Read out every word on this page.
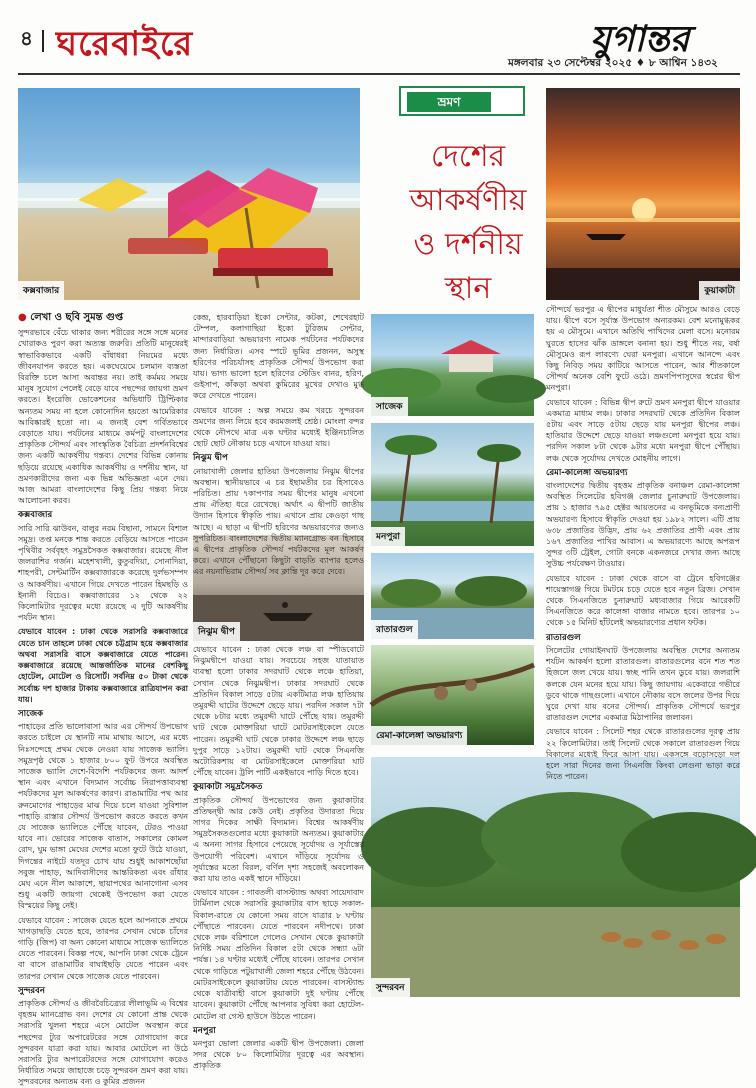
৪ ঘরেবাইরে	যুগান্তর
মঙ্গলবার ২৩ সেপ্টেম্বর ২০২৫ ♦ ৮ আশ্বিন ১৪৩২
কক্সবাজার
ভ্রমণ
দেশের
আকর্ষণীয়
ও দর্শনীয়
স্থান	কুয়াকাটা
সাজেক
মনপুরা
নিঝুম দ্বীপ	রাতারগুল
রেমা-কালেঙ্গা অভয়ারণ্য
সুন্দরবন
● লেখা ও ছবি সুমন্ত গুপ্ত

সুন্দরভাবে বেঁচে থাকার জন্য শরীরের সঙ্গে সঙ্গে মনের খোরাকও পুরণ করা অত্যন্ত জরুরি। প্রতিটি মানুষেরই স্বাভাবিকভাবে একটি বাঁধাধরা নিয়মের মধ্যে জীবনযাপন করতে হয়। একঘেয়েমে চলমান ব্যস্ততা বিরক্তি চলে আসা অবান্তর নয়। তাই কর্মময় সময়ে মানুষ সুযোগ পেলেই বেড়ে যাবে পছন্দের জায়গা ভ্রমণ করতে। ইংরেজি ভোকেশনের অভিধাটি ট্রিপ্টিকার অন্যতম সময় না হলে কোনোদিন হয়তো আমেরিকার আবিষ্কারই হতো না। এ জন্যই বেশ গর্বিতভাবে বেড়াতে যায়। পর্যটনের মাধ্যমে কর্মপটু বাংলাদেশের প্রাকৃতিক সৌন্দর্য এবং সাংস্কৃতিক বৈচিত্র্য প্রদর্শনবিশ্বের জন্য একটি আকর্ষণীয় গন্তব্য। দেশের বিভিন্ন কোনায় ছড়িয়ে রয়েছে একাধিক আকর্ষণীয় ও দর্শনীয় স্থান, যা ভ্রমণকারীদের জন্য এক ভিন্ন অভিজ্ঞতা এনে দেয়। আজ আমরা বাংলাদেশের কিছু প্রিয় গন্তব্য নিয়ে আলোচনা করব।

কক্সবাজার

সারি সারি ঝাউবন, বালুর নরম বিছানা, সামনে বিশাল সমুদ্র। তপ্ত মনকে শান্ত করতে বেড়িয়ে আসতে পারেন পৃথিবীর সর্ববৃহৎ সমুদ্রসৈকত কক্সবাজার। রয়েছে নীল জলরাশির গর্জন। মহেশখালী, কুতুবদিয়া, সোনাদিয়া, শাহপরী, সেন্টমার্টিন কক্সবাজারকে করেছে দুর্লভসম্পদ ও আকর্ষণীয়। এখানে গিয়ে দেখতে পারেন হিমছড়ি ও ইনানী বিচেও। কক্সবাজারের ১২ থেকে ২২ কিলোমিটার দূরত্বের মধ্যে রয়েছে এ দুটি আকর্ষণীয় পর্যটন স্থান।

যেভাবে যাবেন : ঢাকা থেকে সরাসরি কক্সবাজারে যেতে চান তাহলে ঢাকা থেকে চট্টগ্রাম হয়ে কক্সবাজার অথবা সরাসরি বাসে কক্সবাজারে যেতে পারেন। কক্সবাজারে রয়েছে আন্তর্জাতিক মানের বেশকিছু হোটেল, মোটেল ও রিসোর্ট। সর্বনিম্ন ৫০ টাকা থেকে সর্বোচ্চ দশ হাজার টাকায় কক্সবাজারে রাত্রিযাপন করা যায়।

সাজেক

পাহাড়ের প্রতি ভালোবাসা আর এর সৌন্দর্য উপভোগ করতে চাইলে যে স্থানটি নাম মাথায় আসে, এর মধ্যে নিঃসন্দেহে প্রথম থেকে নেওয়া যায় সাজেক ভ্যালি। সমুদ্রপৃষ্ঠ থেকে ১ হাজার ৮০০ ফুট উপরে অবস্থিত সাজেক ভ্যালি দেশে-বিদেশি পর্যটকদের জন্য আদর্শ স্থান এবং এখানে বিদ্যমান সর্বোচ্চ নিরাপত্তাব্যবস্থা পর্যটকদের মূল আকর্ষণের কারণ। রাঙামাটির পথ আর রুনমোগের পাহাড়ের মাঝ দিয়ে চলে যাওয়া সুবিশাল পাহাড়ি রাস্তার সৌন্দর্য উপভোগ করতে করতে কখন যে সাজেক ভ্যালিতে পৌঁছে যাবেন, টেরও পাওয়া যাবে না। ভোরের সাজেক বাতাস, সকালের কোমল রোদ, ঘুম ভাঙ্গা মেঘের দেশের মতো ফুটে উঠে যাওয়া, দিগন্তের নাইটে যতদূর চোখ যায় শুধুই আকাশছোঁয়া সবুজ পাহাড়, আদিবাসীদের আন্তরিকতা এবং রাঁধার মেঘ এনে নীল আকাশে, ছায়াপথের আনাগোনা এসব শুধু একটি জায়গা থেকেই উপভোগ করা যেতে বিস্ময়ের কিছু নেই।

যেভাবে যাবেন : সাজেক যেতে হলে আপনাকে প্রথমে খাগড়াছড়ি যেতে হবে, তারপর সেখান থেকে চাঁদের গাড়ি (জিপ) বা অন্য কোনো মাধ্যমে সাজেক ভ্যালিতে যেতে পারবেন। বিকল্প পথে, আপনি ঢাকা থেকে ট্রেনে বা বাসে রাঙামাটির বাঘাইছড়ি যেতে পারেন এবং তারপর সেখান থেকে সাজেক যেতে পারবেন।

সুন্দরবন

প্রাকৃতিক সৌন্দর্য ও জীববৈচিত্র্যের লীলাভূমি এ বিশ্বের বৃহত্তম ম্যানগ্রোভ বন। দেশের যে কোনো প্রান্ত থেকে সরাসরি খুলনা শহরে এসে মোটেল অবস্থান করে পছন্দের ট্যুর অপারেটরের সঙ্গে যোগাযোগ করে সুন্দরবন যাত্রা করা যায়। আবার মোটেলে না উঠে সরাসরি ট্যুর অপারেটরদের সঙ্গে যোগাযোগ করেও নির্ধারিত সময়ে জাহাজে চড়ে সুন্দরবন ভ্রমণ করা যায়। সুন্দরবনের অন্যতম বন্য ও কুমির প্রজনন

কেন্দ্র, হারবাড়িয়া ইকো সেন্টার, কটকা, শেখেরহাট টেম্পল, কলাগাছিয়া ইকো টুরিজম সেন্টার, মান্দারবাড়িয়া অভয়ারণ্য নামেক পর্যটনের পর্যটকদের জন্য নির্ধারিত। এসব স্পটে ভূমির প্রজনন, অসুস্থ হরিণের পরিচর্যাসহ প্রাকৃতিক সৌন্দর্য উপভোগ করা যায়। ভাগ্য ভালো হলে হরিণের স্টেডিং বানর, হরিণ, গুইসাপ, কাঁকড়া অথবা কুমিরের মুখের দেখাও মুগ্ধ করে দেখতে পারেন।

যেভাবে যাবেন : অল্প সময়ে কম খরচে সুন্দরবন ভ্রমণের জন্য লিয়ে হবে করমজলই শ্রেষ্ঠ। মোংলা বন্দর থেকে নৌপথে মাত্র এক ঘণ্টার মধ্যেই ইঞ্জিনচালিত ছোট ছোট নৌকায় চড়ে এখানে যাওয়া যায়।

নিঝুম দ্বীপ

নোয়াখালী জেলার হাতিয়া উপজেলায় নিঝুম দ্বীপের অবস্থান। স্থানীয়ভাবে এ চর ইছামতীর চর হিসাবেও পরিচিত। প্রায় ৭কাপণার সময় দ্বীপের মানুষ এখনো প্রায় ঐতিহ্য ধরে রেখেছে। অর্থাৎ এ দ্বীপটি জাতীয় উদ্যান হিসাবে স্বীকৃতি পায়। এখানে প্রায় কেওড়া গাছ আছে। এ ছাড়া এ দ্বীপটি হরিণের অভয়ারণ্যের জন্যও সুপরিচিত। বাংলাদেশের দ্বিতীয় ম্যানগ্রোভ বন হিসাবে এ দ্বীপের প্রাকৃতিক সৌন্দর্য পর্যটকদের মূল আকর্ষণ করে। এখানে পৌঁছানো কিছুটা বাড়তি ব্যাপার হলেও এর নয়নাভিরাম সৌন্দর্য সব ক্লান্তি দূর করে দেবে।

যেভাবে যাবেন : ঢাকা থেকে লঞ্চ বা স্পীডবোটে নিঝুমদ্বীপে যাওয়া যায়। সবচেয়ে সহজ যাতায়াত ব্যবস্থা হলো ঢাকার সদরঘাট থেকে লঞ্চে হাতিয়া, সেখান থেকে নিঝুমদ্বীপ। ঢাকার সদরঘাট থেকে প্রতিদিন বিকাল সাড়ে ৫টায় একটিমাত্র লঞ্চ হাতিয়ায় তমুরদ্দী ঘাটের উদ্দেশে ছেড়ে যায়। পরদিন সকাল ৭টা থেকে ৮টার মধ্যে তমুরদ্দী ঘাটে পৌঁছে যায়। তমুরদ্দী ঘাট থেকে মোক্তারিয়া ঘাটে মোটরসাইকেলে যেতে পারেন। তমুরদ্দী ঘাট থেকে ঢাকার উদ্দেশে লঞ্চ ছাড়ে দুপুর সাড়ে ১২টায়। তমুরদ্দী ঘাট থেকে সিএনজি অটোরিকশায় বা মোটরসাইকেলে মোক্তারিয়া ঘাট পৌঁছে যাবেন। ট্রলি পার্টি একইভাবে পাড়ি দিতে হবে।

কুয়াকাটা সমুদ্রসৈকত

প্রাকৃতিক সৌন্দর্য উপভোগের জন্য কুয়াকাটার প্রতিদ্বন্দ্বী আর কেউ নেই। প্রকৃতির উদারতা দিয়ে সাগর দিকের সাক্ষী বিদ্যমান। বিশ্বের আকর্ষণীয় সমুদ্রসৈকতগুলোর মধ্যে কুয়াকাটা অন্যতম। কুয়াকাটার এ অনন্য সাগর হিসাবে পেয়েছে সূর্যোদয় ও সূর্যাস্তের উপযোগী পরিবেশ। এখানে দাঁড়িয়ে সূর্যোদয় ও সূর্যাস্তের মতো বিরল, বর্ণিল দৃশ্য সহজেই অবলোকন করা যায় তাও একই স্থানে দাঁড়িয়ে।

যেভাবে যাবেন : গাবতলী বাসস্ট্যান্ড অথবা সায়েদাবাদ টার্মিনাল থেকে সরাসরি কুয়াকাটার বাস ছাড়ে সকাল-বিকাল-রাতে যে কোনো সময় বাসে যাত্রার ৮ ঘণ্টায় পৌঁছাতে পারবেন। যেতে পারবেন নদীপথে। ঢাকা থেকে লঞ্চ বরিশালে গেলেও সেখান থেকে কুয়াকাটা নির্দিষ্ট সময় প্রতিদিন বিকাল ৫টা থেকে সন্ধ্যা ৬টা পর্যন্ত। ১৪ ঘণ্টার মধ্যেই পৌঁছে যাবেন। তারপর সেখান থেকে গাড়িতে পটুয়াখালী জেলা শহরে পৌঁছে উঠবেন। মোটরসাইকেলে কুয়াকাটায় যেতে পারবেন। বাসস্ট্যান্ড থেকে যাত্রীবাহী বাসে কুয়াকাটা দুই ঘণ্টায় পৌঁছে যাবেন। কুয়াকাটা পৌঁছে আপনার সুবিধা করা হোটেল-মোটেল বা গেস্ট হাউসে উঠতে পারেন।

মনপুরা

মনপুরা ভোলা জেলার একটি দ্বীপ উপজেলা। জেলা সদর থেকে ৮০ কিলোমিটার দূরত্বে এর অবস্থান। প্রাকৃতিক

সৌন্দর্যে ভরপুর এ দ্বীপের মাধুর্যতা শীত মৌসুমে আরও বেড়ে যায়। দ্বীপে বসে সূর্যাস্ত উপভোগ অন্যরকম। বেশ মনোমুগ্ধকর হয় এ মৌসুমে। এখানে অতিথি পাখিদের মেলা বসে। মনোরম ঘুরতে হাসের ঝাঁক ডাঙ্গলে বনানা হয়। শুধু শীতে নয়, বর্ষা মৌসুমেও রূপ লাবণ্যে ঘেরা মনপুরা। এখানে আনন্দে এবং কিছু নিবিড় সময় কাটিয়ে আসতে পারেন, আর শীতকালে সৌন্দর্য অনেক বেশি ফুটে ওঠে। ভ্রমণপিপাসুদের স্বপ্নের দ্বীপ মনপুরা।

যেভাবে যাবেন : বিভিন্ন দ্বীপ রুটে ভ্রমণ মনপুরা দ্বীপে যাওয়ার একমাত্র মাধ্যম লঞ্চ। ঢাকার সদরঘাট থেকে প্রতিদিন বিকাল ৫টায় এবং সাড়ে ৫টায় ছেড়ে যায় মনপুরা দ্বীপের লঞ্চ। হাতিয়ার উদ্দেশে ছেড়ে যাওয়া লঞ্চগুলো মনপুরা হয়ে যায়। পরদিন সকাল ৮টা থেকে ৯টার মধ্যে মনপুরা দ্বীপে পৌঁছায়। লঞ্চ থেকে সূর্যোদয় দেখতে মোহনীয় লাগে।

রেমা-কালেঙ্গা অভয়ারণ্য

বাংলাদেশের দ্বিতীয় বৃহত্তম প্রাকৃতিক বনাঞ্চল রেমা-কালেঙ্গা অবস্থিত সিলেটের হবিগঞ্জ জেলার চুনারুঘাট উপজেলায়। প্রায় ১ হাজার ৭৯৫ হেক্টর আয়তনের এ বনভূমিকে বন্যপ্রাণী অভয়ারণ্য হিসাবে স্বীকৃতি দেওয়া হয় ১৯৮২ সালে। এটি প্রায় ৬৩৮ প্রজাতির উদ্ভিদ, প্রায় ৬২ প্রজাতির প্রাণী এবং প্রায় ১৬৭ প্রজাতির পাখির আবাস। এ অভয়ারণ্যে আছে অপরূপ সুন্দর ৩টি ট্রেইল, গোটা বনকে একনজরে দেখার জন্য আছে সুউচ্চ পর্যবেক্ষণ টাওয়ার।

যেভাবে যাবেন : ঢাকা থেকে বাসে বা ট্রেনে হবিগঞ্জের শায়েস্তাগঞ্জ গিয়ে টমটমে চড়ে যেতে হবে নতুন ব্রিজ। সেখান থেকে সিএনজিতে চুনারুঘাট মধ্যবাজার গিয়ে আরেকটি সিএনজিতে করে কালেঙ্গা বাজার নামতে হবে। তারপর ১০ থেকে ১৫ মিনিট হাঁটলেই অভয়ারণ্যের প্রধান ফটক।

রাতারগুল

সিলেটের গোয়াইনঘাট উপজেলায় অবস্থিত দেশের অন্যতম শর্যটন আকর্ষণ হলো রাতারগুল। রাতারগুলের বনে শত শত হিজলে জল খেয়ে যায়। স্বচ্ছ পানি তখন ডুবে যায়। জলরাশি কলকে যেন মনের হয়ে যায়। কিছু জায়গায় একেবারে গভীরে ডুবে থাকে গাছগুলো। এখানে নৌকায় বসে জলের উপর দিয়ে ঘুরে দেখা যায় বনের সৌন্দর্য। প্রাকৃতিক সৌন্দর্যে ভরপুর রাতারগুল দেশের একমাত্র মিঠাপানির জলাবন।

যেভাবে যাবেন : সিলেট শহর থেকে রাতারগুলের দূরত্ব প্রায় ২২ কিলোমিটার। তাই সিলেট থেকে সকালে রাতারগুল গিয়ে বিকালের মধ্যেই ফিরে আসা যায়। একসঙ্গে বড়োসড়ো দল হলে সারা দিনের জন্য সিএনজি কিংবা লেগুনা ভাড়া করে নিতে পারেন।
